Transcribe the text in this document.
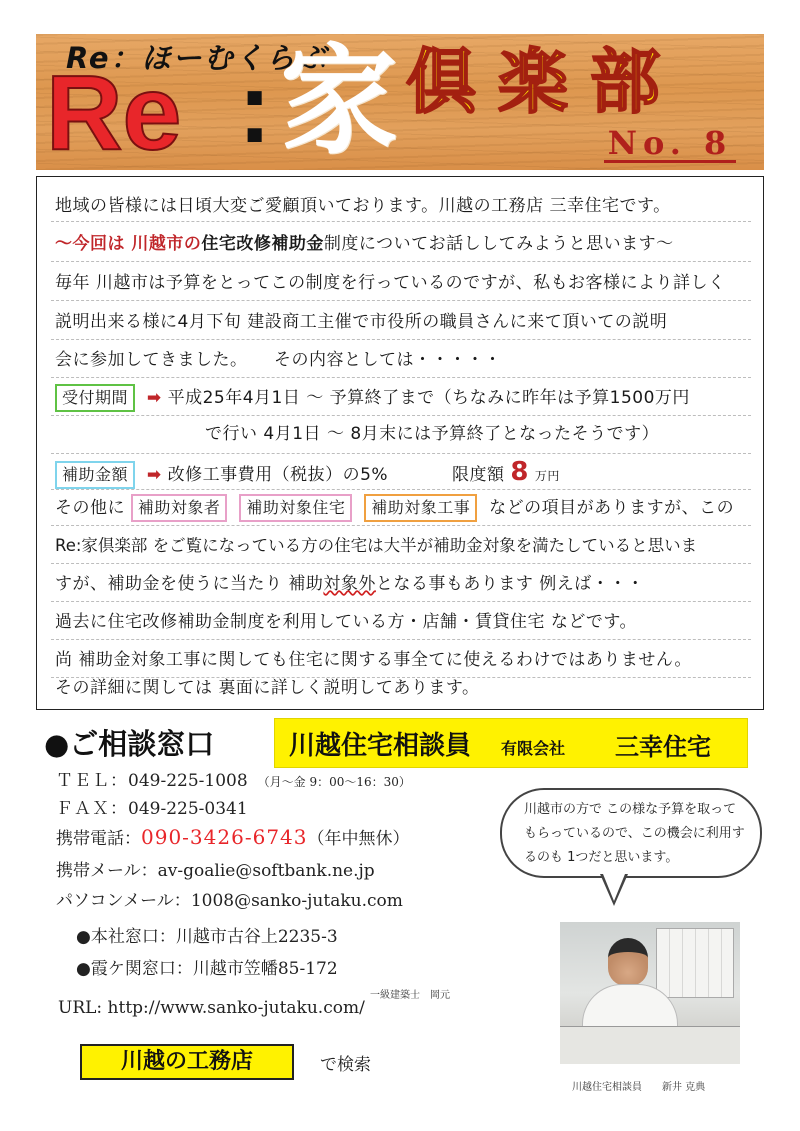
Re：ほーむくらぶ
Re : 家 倶楽部
No. 8
地域の皆様には日頃大変ご愛顧頂いております。川越の工務店 三幸住宅です。
～今回は 川越市の住宅改修補助金制度についてお話ししてみようと思います～
毎年 川越市は予算をとってこの制度を行っているのですが、私もお客様により詳しく
説明出来る様に4月下旬 建設商工主催で市役所の職員さんに来て頂いての説明
会に参加してきました。　　その内容としては・・・・・
受付期間 ➡ 平成25年4月1日 ～ 予算終了まで（ちなみに昨年は予算1500万円
で行い 4月1日 ～ 8月末には予算終了となったそうです）
補助金額 ➡ 改修工事費用（税抜）の5%	限度額 8 万円
その他に 補助対象者 補助対象住宅 補助対象工事 などの項目がありますが、この
Re:家倶楽部 をご覧になっている方の住宅は大半が補助金対象を満たしていると思いま
すが、補助金を使うに当たり 補助対象外となる事もあります 例えば・・・
過去に住宅改修補助金制度を利用している方・店舗・賃貸住宅 などです。
尚 補助金対象工事に関しても住宅に関する事全てに使えるわけではありません。
その詳細に関しては 裏面に詳しく説明してあります。
●ご相談窓口	川越住宅相談員 有限会社 三幸住宅
ＴＥＬ：049-225-1008 （月～金 9：00～16：30）
ＦＡＸ：049-225-0341
携帯電話：090-3426-6743（年中無休）
携帯メール：av-goalie@softbank.ne.jp
パソコンメール：1008@sanko-jutaku.com
●本社窓口：川越市古谷上2235-3
●霞ケ関窓口：川越市笠幡85-172
一級建築士　岡元
URL: http://www.sanko-jutaku.com/
川越の工務店	で検索
川越市の方で この様な予算を取って もらっているので、この機会に利用するのも 1つだと思います。
川越住宅相談員　　新井 克典
